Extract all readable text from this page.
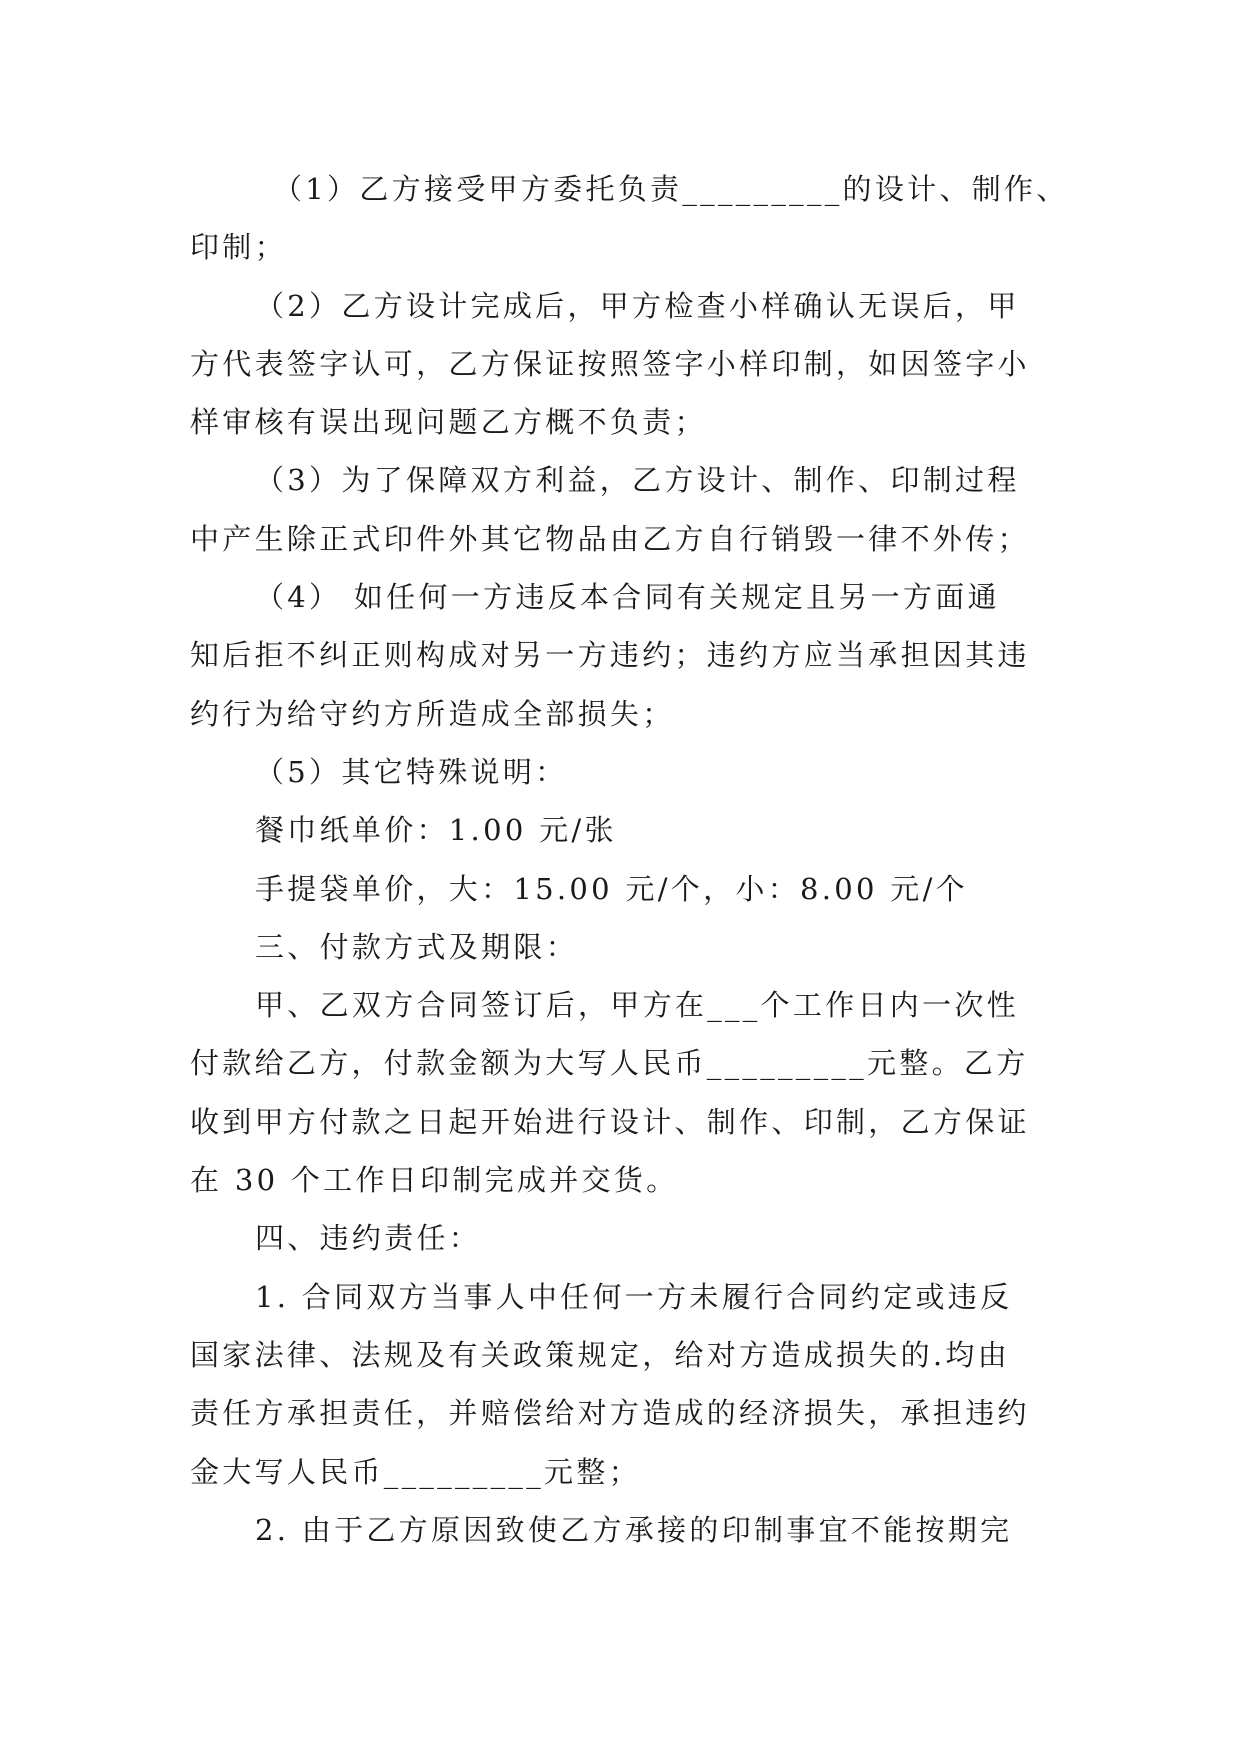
（1）乙方接受甲方委托负责_________的设计、制作、
印制；
（2）乙方设计完成后，甲方检查小样确认无误后，甲
方代表签字认可，乙方保证按照签字小样印制，如因签字小
样审核有误出现问题乙方概不负责；
（3）为了保障双方利益，乙方设计、制作、印制过程
中产生除正式印件外其它物品由乙方自行销毁一律不外传；
（4） 如任何一方违反本合同有关规定且另一方面通
知后拒不纠正则构成对另一方违约；违约方应当承担因其违
约行为给守约方所造成全部损失；
（5）其它特殊说明：
餐巾纸单价：1.00 元/张
手提袋单价，大：15.00 元/个，小：8.00 元/个
三、付款方式及期限：
甲、乙双方合同签订后，甲方在___个工作日内一次性
付款给乙方，付款金额为大写人民币_________元整。乙方
收到甲方付款之日起开始进行设计、制作、印制，乙方保证
在 30 个工作日印制完成并交货。
四、违约责任：
1. 合同双方当事人中任何一方未履行合同约定或违反
国家法律、法规及有关政策规定，给对方造成损失的.均由
责任方承担责任，并赔偿给对方造成的经济损失，承担违约
金大写人民币_________元整；
2. 由于乙方原因致使乙方承接的印制事宜不能按期完
